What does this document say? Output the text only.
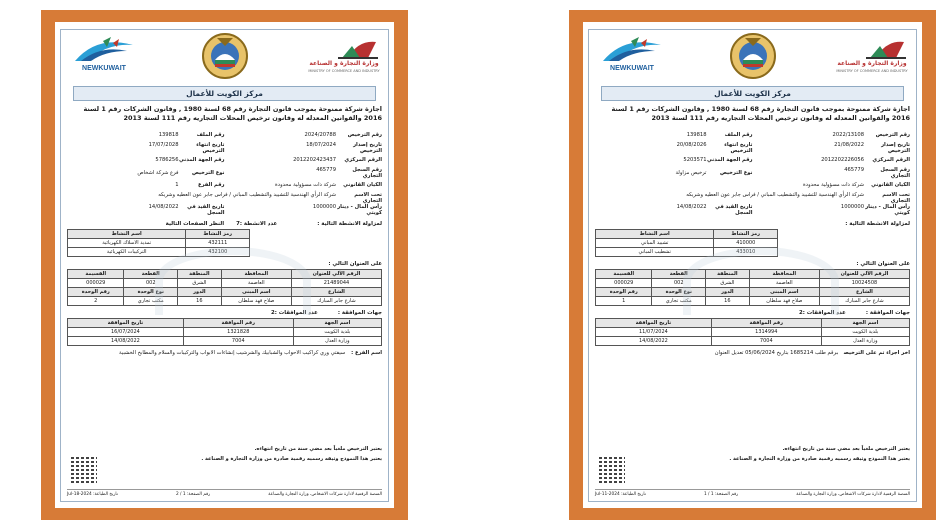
وزارة التجارة و الصناعة
MINISTRY OF COMMERCE AND INDUSTRY
NEWKUWAIT
مركز الكويت للأعمال
اجازة شركة ممنوحة بموجب قانون التجارة رقم 68 لسنة 1980 , وقانون الشركات رقم 1 لسنة 2016 والقوانين المعدله له وقانون ترخيص المحلات التجاريه رقم 111 لسنة 2013
رقم الترخيص
2024/20788
رقم الملف
139818
تاريخ إصدار الترخيص
18/07/2024
تاريخ انتهاء الترخيص
17/07/2028
الرقم المركزي
2012202423437
رقم الجهة المدني
5786256
رقم السجل التجاري
465779
نوع الترخيص
فرع شركة اشخاص
الكيان القانوني
شركة ذات مسؤولية محدودة
رقم الفرع
1
تحت الاسم التجاري
شركة الرأي الهندسية للتشييد والتشطيب المباني / فراس جابر عون العطيه وشريكه
رأس المال - دينار كويتي
1000000
تاريخ القيد في السجل
14/08/2022
لمزاولة الانشطة التالية :عدد الانشطة :7النظر الصفحات التالية
رمز النشاط	اسم النشاط
432111	تمديد الاسلاك الكهربائية
432100	التركيبات الكهربائية
على العنوان التالي :
الرقم الآلي للعنوان	المحافظة	المنطقة	القطعة	القسيمة
21489044	العاصمة	الشرق	002	000029
الشارع	اسم المبنى	الدور	نوع الوحدة	رقم الوحدة
شارع جابر المبارك	صلاح فهد سلطان	16	مكتب تجاري	2
جهات الموافقة :عدد الموافقات :2
اسم الجهة	رقم الموافقة	تاريخ الموافقة
بلدية الكويت	1321828	16/07/2024
وزارة العدل	7004	14/08/2022
اسم الفرع :سيفتي وري كراكيب الاحواب والشبابيك والشرشيب إنشاءات الابواب والتركيبات والسلام والمطابخ الخشبية
يعتبر الترخيص ملغياً بعد مضي سنة من تاريخ انتهاءه.
يعتبر هذا النموذج وثيقه رسميه رقمية صادرة من وزارة التجارة و الصناعة .
المنصة الرقمية لادارة شركات الاشخاص، وزارة التجارة والصناعة
رقم الصفحة: 1 / 2
تاريخ الطباعة: 2024-Jul-18
وزارة التجارة و الصناعة
MINISTRY OF COMMERCE AND INDUSTRY
NEWKUWAIT
مركز الكويت للأعمال
اجازة شركة ممنوحة بموجب قانون التجارة رقم 68 لسنة 1980 , وقانون الشركات رقم 1 لسنة 2016 والقوانين المعدله له وقانون ترخيص المحلات التجاريه رقم 111 لسنة 2013
رقم الترخيص
2022/13108
رقم الملف
139818
تاريخ إصدار الترخيص
21/08/2022
تاريخ انتهاء الترخيص
20/08/2026
الرقم المركزي
2012202226056
رقم الجهة المدني
5203571
رقم السجل التجاري
465779
نوع الترخيص
ترخيص مزاولة
الكيان القانوني
شركة ذات مسؤولية محدودة
تحت الاسم التجاري
شركة الرأي الهندسية للتشييد والتشطيب المباني / فراس جابر عون العطيه وشريكه
رأس المال - دينار كويتي
1000000
تاريخ القيد في السجل
14/08/2022
لمزاولة الانشطة التالية :
رمز النشاط	اسم النشاط
410000	تشييد المباني
433010	تشطيب المباني
على العنوان التالي :
الرقم الآلي للعنوان	المحافظة	المنطقة	القطعة	القسيمة
10024508	العاصمة	الشرق	002	000029
الشارع	اسم المبنى	الدور	نوع الوحدة	رقم الوحدة
شارع جابر المبارك	صلاح فهد سلطان	16	مكتب تجاري	1
جهات الموافقة :عدد الموافقات :2
اسم الجهة	رقم الموافقة	تاريخ الموافقة
بلدية الكويت	1314994	11/07/2024
وزارة العدل	7004	14/08/2022
اخر اجراء تم على الترخيصبرقم طلب 1685214 بتاريخ 05/06/2024 تعديل العنوان
يعتبر الترخيص ملغياً بعد مضي سنة من تاريخ انتهاءه.
يعتبر هذا النموذج وثيقه رسميه رقمية صادرة من وزارة التجارة و الصناعة .
المنصة الرقمية لادارة شركات الاشخاص، وزارة التجارة والصناعة
رقم الصفحة: 1 / 1
تاريخ الطباعة: 2024-Jul-11
